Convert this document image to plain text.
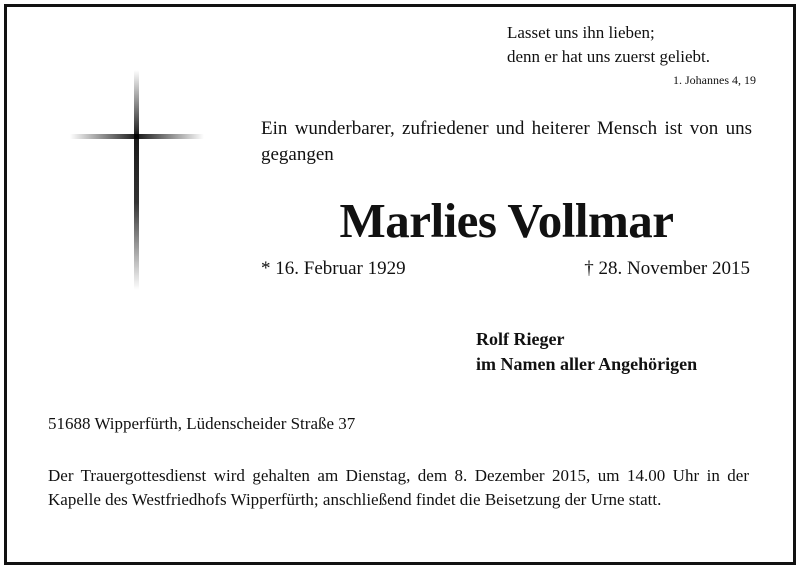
Lasset uns ihn lieben;
denn er hat uns zuerst geliebt.
1. Johannes 4, 19
Ein wunderbarer, zufriedener und heiterer Mensch ist von uns gegangen
Marlies Vollmar
* 16. Februar 1929	† 28. November 2015
Rolf Rieger
im Namen aller Angehörigen
51688 Wipperfürth, Lüdenscheider Straße 37
Der Trauergottesdienst wird gehalten am Dienstag, dem 8. Dezember 2015, um 14.00 Uhr in der Kapelle des Westfriedhofs Wipperfürth; anschließend findet die Beisetzung der Urne statt.
